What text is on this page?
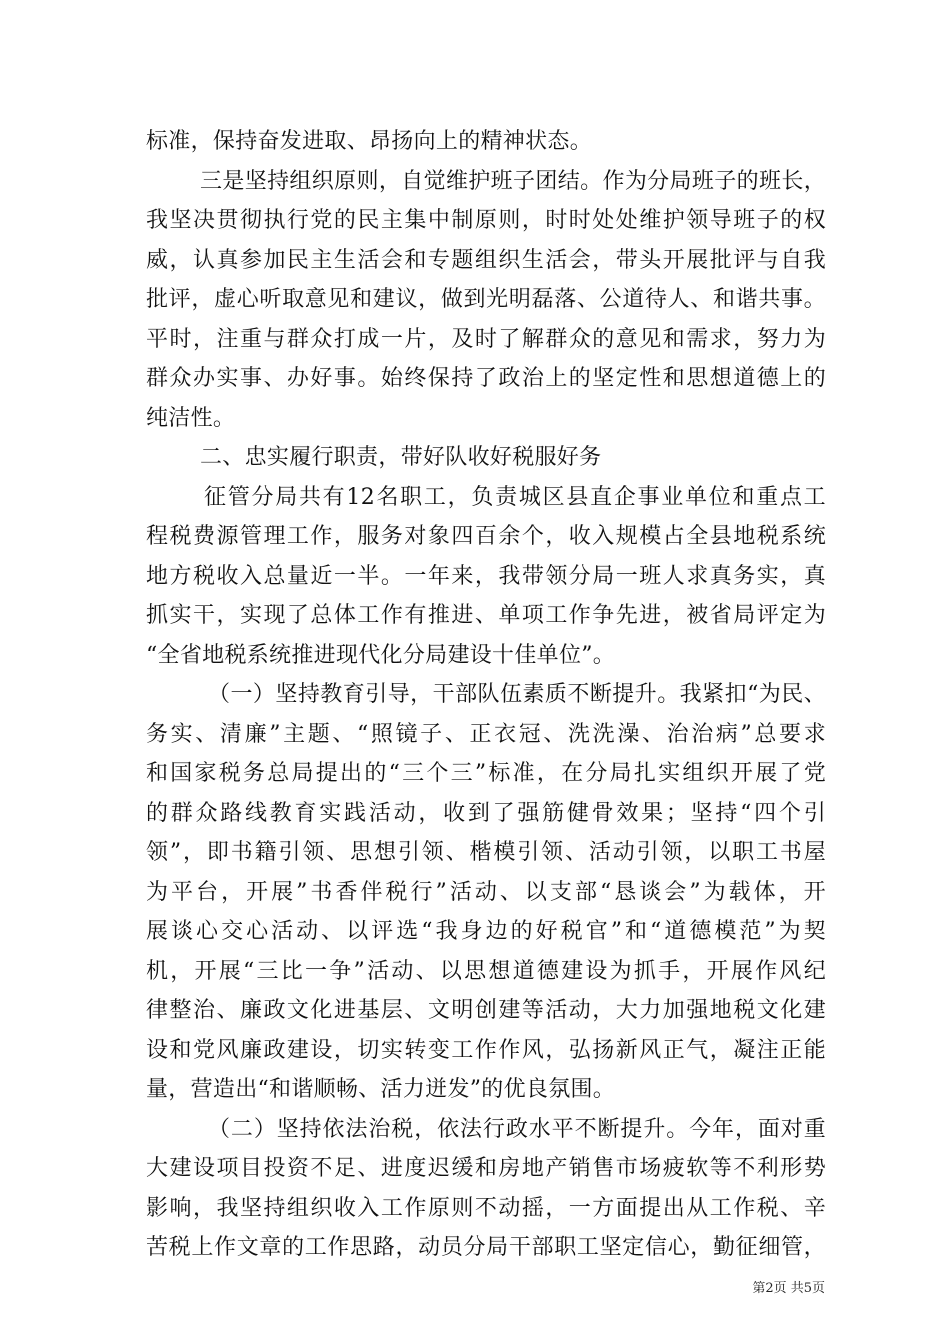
标准，保持奋发进取、昂扬向上的精神状态。
三是坚持组织原则，自觉维护班子团结。作为分局班子的班长，
我坚决贯彻执行党的民主集中制原则，时时处处维护领导班子的权
威，认真参加民主生活会和专题组织生活会，带头开展批评与自我
批评，虚心听取意见和建议，做到光明磊落、公道待人、和谐共事。
平时，注重与群众打成一片，及时了解群众的意见和需求，努力为
群众办实事、办好事。始终保持了政治上的坚定性和思想道德上的
纯洁性。
二、忠实履行职责，带好队收好税服好务
征管分局共有12名职工，负责城区县直企事业单位和重点工
程税费源管理工作，服务对象四百余个，收入规模占全县地税系统
地方税收入总量近一半。一年来，我带领分局一班人求真务实，真
抓实干，实现了总体工作有推进、单项工作争先进，被省局评定为
“全省地税系统推进现代化分局建设十佳单位”。
（一）坚持教育引导，干部队伍素质不断提升。我紧扣“为民、
务实、清廉”主题、“照镜子、正衣冠、洗洗澡、治治病”总要求
和国家税务总局提出的“三个三”标准，在分局扎实组织开展了党
的群众路线教育实践活动，收到了强筋健骨效果；坚持“四个引
领”，即书籍引领、思想引领、楷模引领、活动引领，以职工书屋
为平台，开展”书香伴税行”活动、以支部“恳谈会”为载体，开
展谈心交心活动、以评选“我身边的好税官”和“道德模范”为契
机，开展“三比一争”活动、以思想道德建设为抓手，开展作风纪
律整治、廉政文化进基层、文明创建等活动，大力加强地税文化建
设和党风廉政建设，切实转变工作作风，弘扬新风正气，凝注正能
量，营造出“和谐顺畅、活力迸发”的优良氛围。
（二）坚持依法治税，依法行政水平不断提升。今年，面对重
大建设项目投资不足、进度迟缓和房地产销售市场疲软等不利形势
影响，我坚持组织收入工作原则不动摇，一方面提出从工作税、辛
苦税上作文章的工作思路，动员分局干部职工坚定信心，勤征细管，
第2页 共5页
